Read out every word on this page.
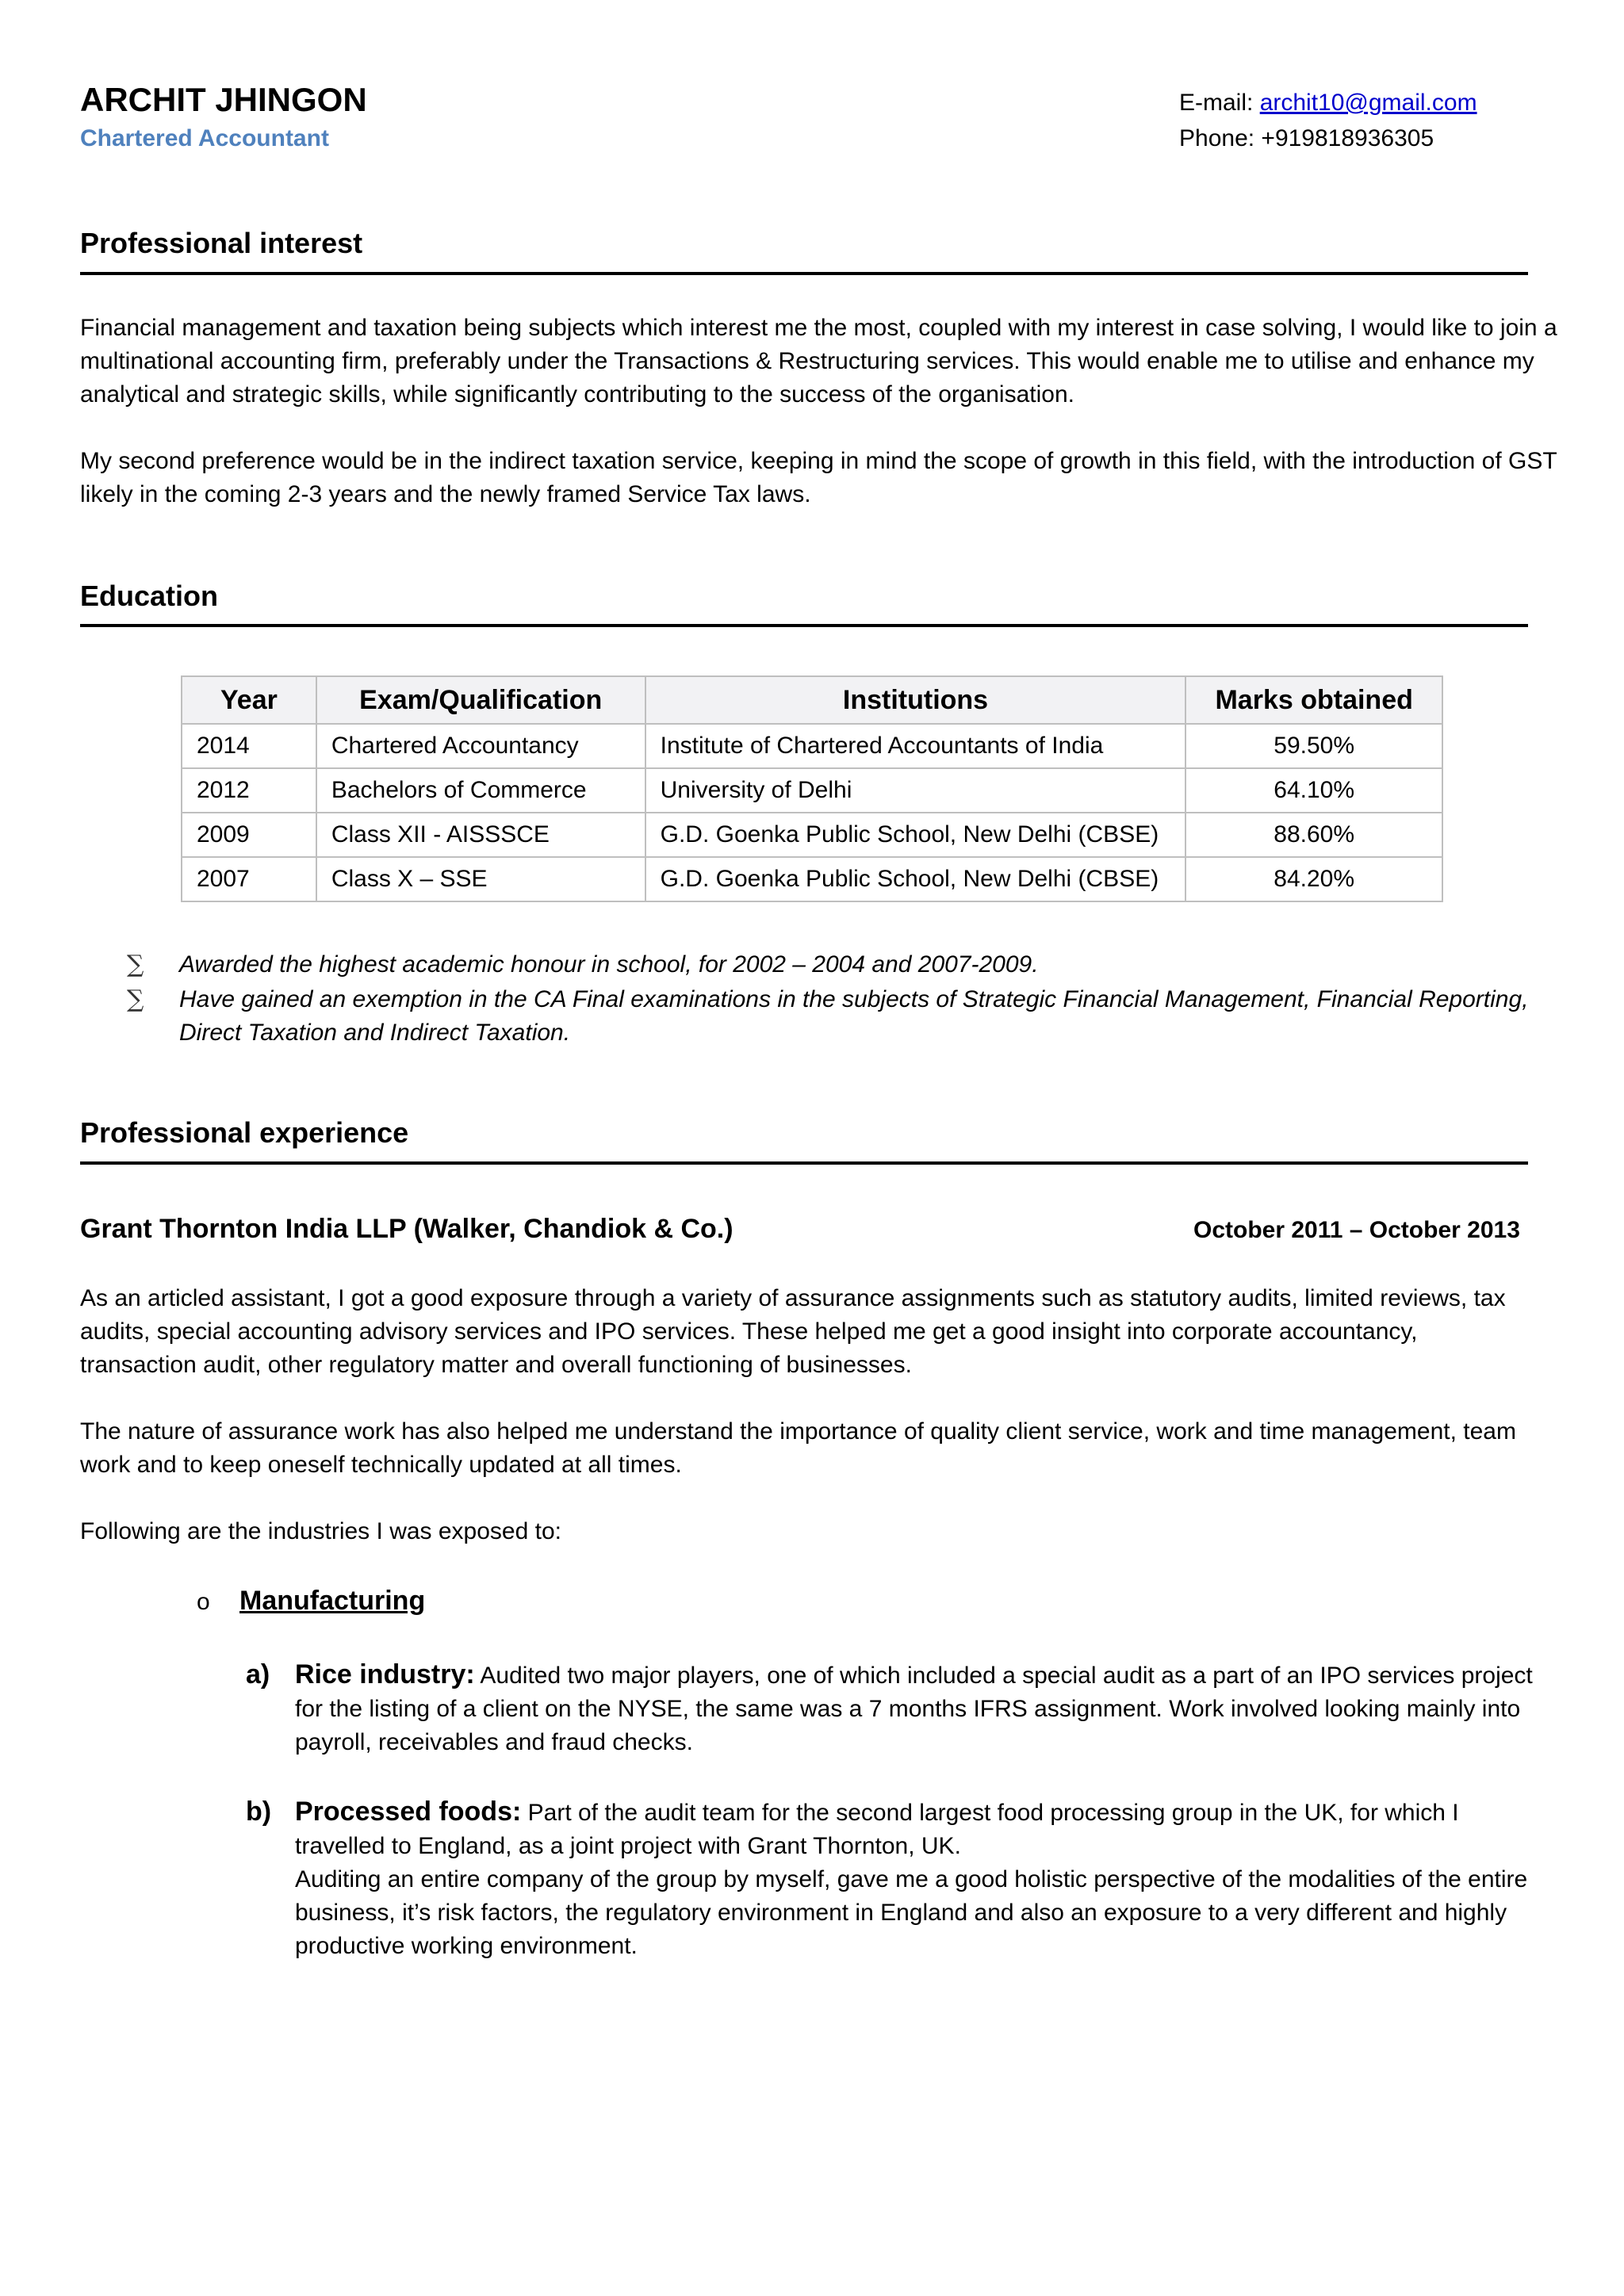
ARCHIT JHINGON
Chartered Accountant
E-mail: archit10@gmail.com
Phone: +919818936305
Professional interest

Financial management and taxation being subjects which interest me the most, coupled with my interest in case solving, I would like to join a multinational accounting firm, preferably under the Transactions & Restructuring services. This would enable me to utilise and enhance my analytical and strategic skills, while significantly contributing to the success of the organisation.

My second preference would be in the indirect taxation service, keeping in mind the scope of growth in this field, with the introduction of GST likely in the coming 2-3 years and the newly framed Service Tax laws.

Education
Year	Exam/Qualification	Institutions	Marks obtained
2014	Chartered Accountancy	Institute of Chartered Accountants of India	59.50%
2012	Bachelors of Commerce	University of Delhi	64.10%
2009	Class XII - AISSSCE	G.D. Goenka Public School, New Delhi (CBSE)	88.60%
2007	Class X – SSE	G.D. Goenka Public School, New Delhi (CBSE)	84.20%
∑ Awarded the highest academic honour in school, for 2002 – 2004 and 2007-2009.
∑ Have gained an exemption in the CA Final examinations in the subjects of Strategic Financial Management, Financial Reporting, Direct Taxation and Indirect Taxation.
Professional experience
Grant Thornton India LLP (Walker, Chandiok & Co.)	October 2011 – October 2013

As an articled assistant, I got a good exposure through a variety of assurance assignments such as statutory audits, limited reviews, tax audits, special accounting advisory services and IPO services. These helped me get a good insight into corporate accountancy, transaction audit, other regulatory matter and overall functioning of businesses.

The nature of assurance work has also helped me understand the importance of quality client service, work and time management, team work and to keep oneself technically updated at all times.

Following are the industries I was exposed to:

o Manufacturing
a) Rice industry: Audited two major players, one of which included a special audit as a part of an IPO services project for the listing of a client on the NYSE, the same was a 7 months IFRS assignment. Work involved looking mainly into payroll, receivables and fraud checks.
b) Processed foods: Part of the audit team for the second largest food processing group in the UK, for which I travelled to England, as a joint project with Grant Thornton, UK.
Auditing an entire company of the group by myself, gave me a good holistic perspective of the modalities of the entire business, it’s risk factors, the regulatory environment in England and also an exposure to a very different and highly productive working environment.
